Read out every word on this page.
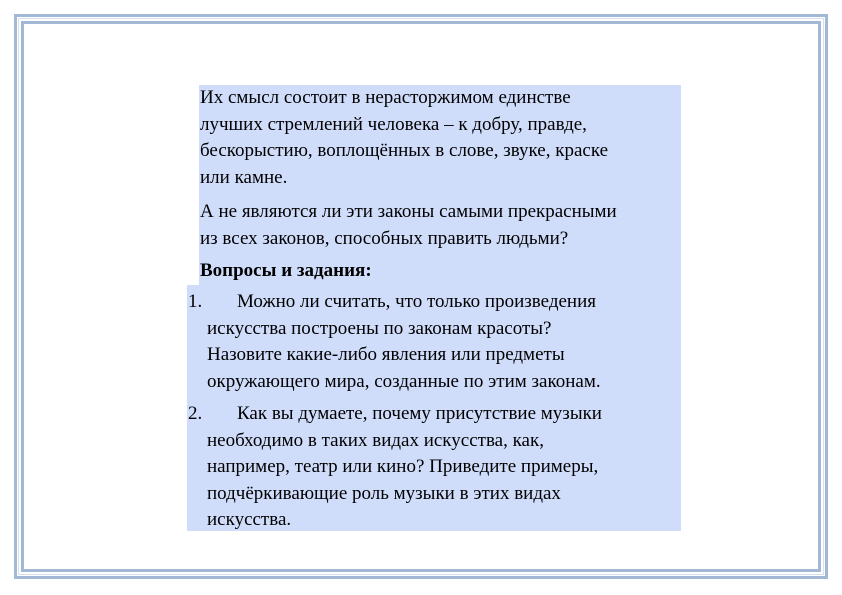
Их смысл состоит в нерасторжимом единстве
лучших стремлений человека – к добру, правде,
бескорыстию, воплощённых в слове, звуке, краске
или камне.
А не являются ли эти законы самыми прекрасными
из всех законов, способных править людьми?
Вопросы и задания:
1.	Можно ли считать, что только произведения
искусства построены по законам красоты?
Назовите какие-либо явления или предметы
окружающего мира, созданные по этим законам.
2.	Как вы думаете, почему присутствие музыки
необходимо в таких видах искусства, как,
например, театр или кино? Приведите примеры,
подчёркивающие роль музыки в этих видах
искусства.
